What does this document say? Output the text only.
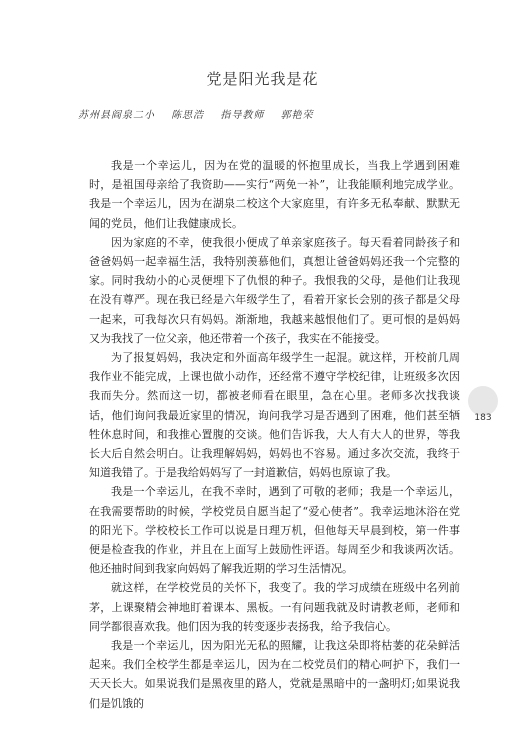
党是阳光我是花
苏州县阎泉二小 陈思浩 指导教师 郭艳荣

我是一个幸运儿，因为在党的温暖的怀抱里成长，当我上学遇到困难时，是祖国母亲给了我资助——实行“两免一补”，让我能顺利地完成学业。我是一个幸运儿，因为在湖泉二校这个大家庭里，有许多无私奉献、默默无闻的党员，他们让我健康成长。

因为家庭的不幸，使我很小便成了单亲家庭孩子。每天看着同龄孩子和爸爸妈妈一起幸福生活，我特别羡慕他们，真想让爸爸妈妈还我一个完整的家。同时我幼小的心灵便埋下了仇恨的种子。我恨我的父母，是他们让我现在没有尊严。现在我已经是六年级学生了，看着开家长会别的孩子都是父母一起来，可我每次只有妈妈。渐渐地，我越来越恨他们了。更可恨的是妈妈又为我找了一位父亲，他还带着一个孩子，我实在不能接受。

为了报复妈妈，我决定和外面高年级学生一起混。就这样，开校前几周我作业不能完成，上课也做小动作，还经常不遵守学校纪律，让班级多次因我而失分。然而这一切，都被老师看在眼里，急在心里。老师多次找我谈话，他们询问我最近家里的情况，询问我学习是否遇到了困难，他们甚至牺牲休息时间，和我推心置腹的交谈。他们告诉我，大人有大人的世界，等我长大后自然会明白。让我理解妈妈，妈妈也不容易。通过多次交流，我终于知道我错了。于是我给妈妈写了一封道歉信，妈妈也原谅了我。

我是一个幸运儿，在我不幸时，遇到了可敬的老师；我是一个幸运儿，在我需要帮助的时候，学校党员自愿当起了“爱心使者”。我幸运地沐浴在党的阳光下。学校校长工作可以说是日理万机，但他每天早晨到校，第一件事便是检查我的作业，并且在上面写上鼓励性评语。每周至少和我谈两次话。他还抽时间到我家向妈妈了解我近期的学习生活情况。

就这样，在学校党员的关怀下，我变了。我的学习成绩在班级中名列前茅，上课聚精会神地盯着课本、黑板。一有问题我就及时请教老师，老师和同学都很喜欢我。他们因为我的转变逐步表扬我，给予我信心。

我是一个幸运儿，因为阳光无私的照耀，让我这朵即将枯萎的花朵鲜活起来。我们全校学生都是幸运儿，因为在二校党员们的精心呵护下，我们一天天长大。如果说我们是黑夜里的路人，党就是黑暗中的一盏明灯;如果说我们是饥饿的

183
